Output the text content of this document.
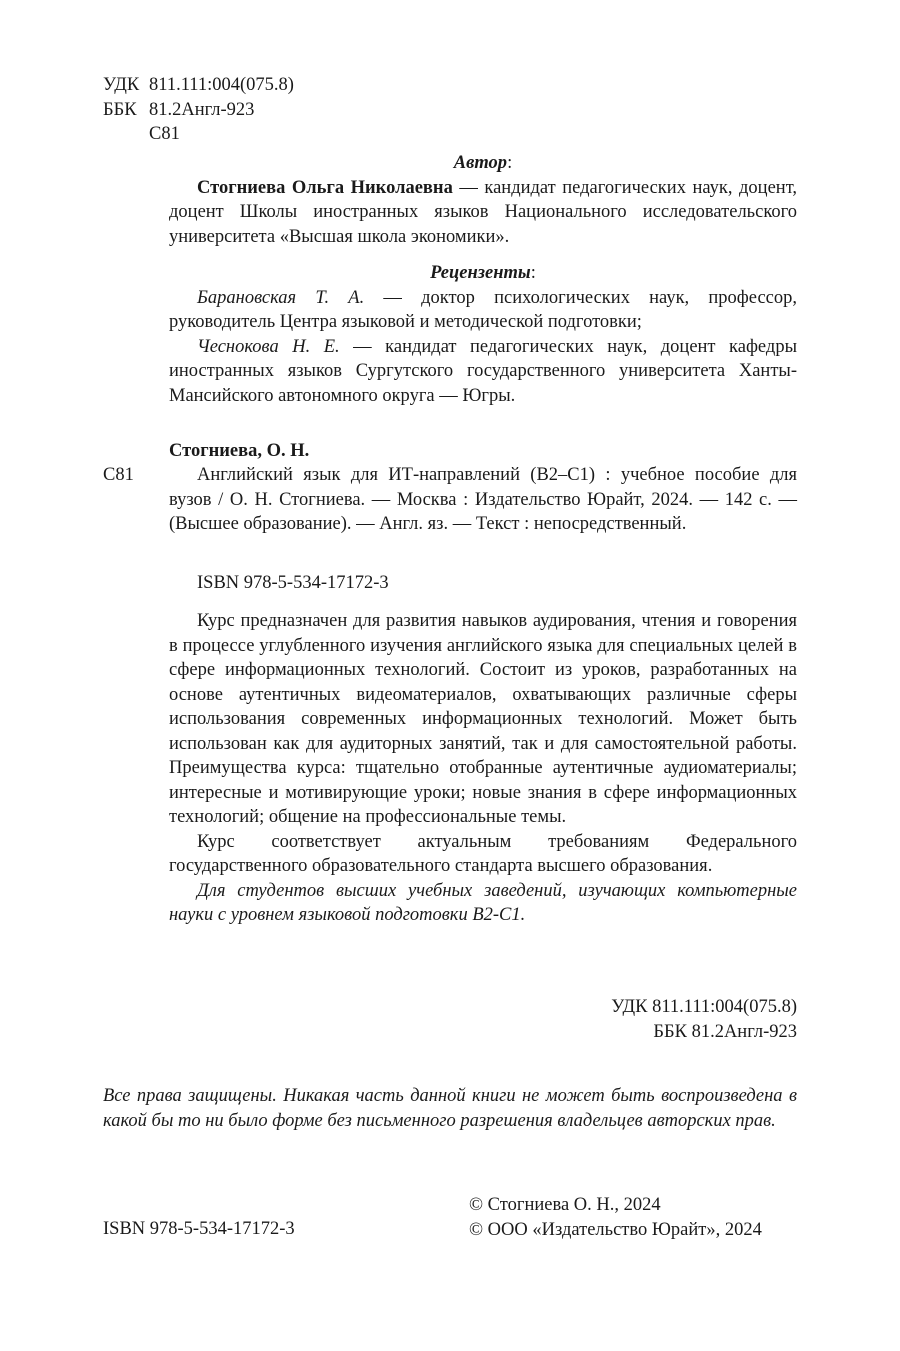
УДК 811.111:004(075.8)
ББК 81.2Англ-923
С81
Автор:

Стогниева Ольга Николаевна — кандидат педагогических наук, доцент, доцент Школы иностранных языков Национального исследовательского университета «Высшая школа экономики».

Рецензенты:

Барановская Т. А. — доктор психологических наук, профессор, руководитель Центра языковой и методической подготовки;

Чеснокова Н. Е. — кандидат педагогических наук, доцент кафедры иностранных языков Сургутского государственного университета Ханты-Мансийского автономного округа — Югры.

Стогниева, О. Н.
С81	Английский язык для ИТ-направлений (B2–C1) : учебное пособие для вузов / О. Н. Стогниева. — Москва : Издательство Юрайт, 2024. — 142 с. — (Высшее образование). — Англ. яз. — Текст : непосредственный.

ISBN 978-5-534-17172-3

Курс предназначен для развития навыков аудирования, чтения и говорения в процессе углубленного изучения английского языка для специальных целей в сфере информационных технологий. Состоит из уроков, разработанных на основе аутентичных видеоматериалов, охватывающих различные сферы использования современных информационных технологий. Может быть использован как для аудиторных занятий, так и для самостоятельной работы. Преимущества курса: тщательно отобранные аутентичные аудиоматериалы; интересные и мотивирующие уроки; новые знания в сфере информационных технологий; общение на профессиональные темы.

Курс соответствует актуальным требованиям Федерального государственного образовательного стандарта высшего образования.

Для студентов высших учебных заведений, изучающих компьютерные науки с уровнем языковой подготовки B2-C1.

УДК 811.111:004(075.8)
ББК 81.2Англ-923
Все права защищены. Никакая часть данной книги не может быть воспроизведена в какой бы то ни было форме без письменного разрешения владельцев авторских прав.
© Стогниева О. Н., 2024
© ООО «Издательство Юрайт», 2024
ISBN 978-5-534-17172-3
